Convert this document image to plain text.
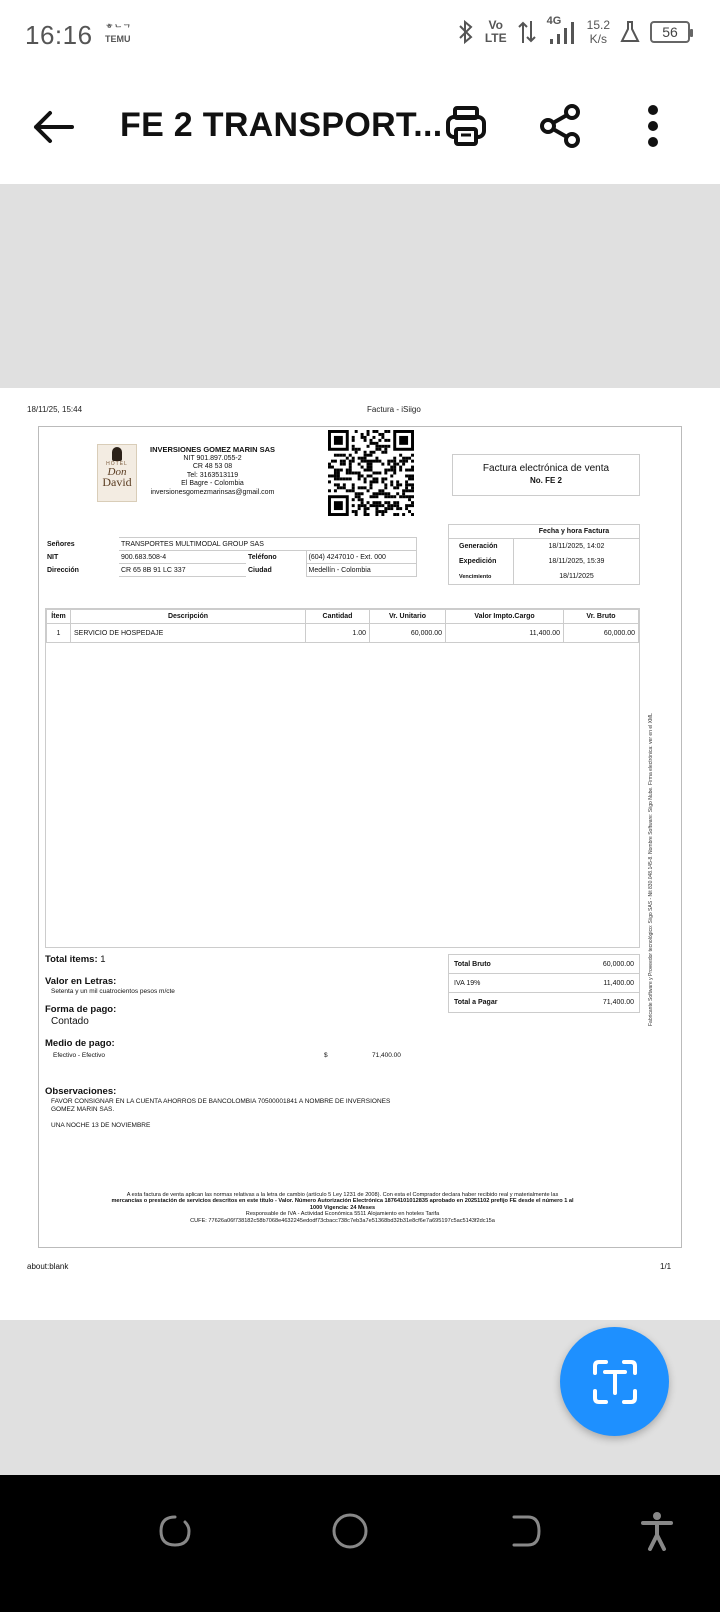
16:16 ᄒᄂᄀ
TEMU
Vo
LTE
4G 15.2
K/s	56
FE 2 TRANSPORT...
18/11/25, 15:44	Factura - iSiigo
HOTEL
Don
David
INVERSIONES GOMEZ MARIN SAS
NIT 901.897.055-2
CR 48 53 08
Tel: 3163513119
El Bagre - Colombia
inversionesgomezmarinsas@gmail.com
Factura electrónica de venta
No. FE 2
Señores	TRANSPORTES MULTIMODAL GROUP SAS		
NIT	900.683.508-4	Teléfono	(604) 4247010 - Ext. 000
Dirección	CR 65 8B 91 LC 337	Ciudad	Medellín - Colombia
Fecha y hora Factura
Generación	18/11/2025, 14:02
Expedición	18/11/2025, 15:39
Vencimiento	18/11/2025
Ítem	Descripción	Cantidad	Vr. Unitario	Valor Impto.Cargo	Vr. Bruto
1	SERVICIO DE HOSPEDAJE	1.00	60,000.00	11,400.00	60,000.00
Fabricante Software y Proveedor tecnológico: Siigo SAS - Nit 830.048.145-8. Nombre Software: Siigo Nube. Firma electrónica: ver en el XML
Total items: 1
Valor en Letras:
Setenta y un mil cuatrocientos pesos m/cte
Forma de pago:
Contado
Medio de pago:
Efectivo - Efectivo	$	71,400.00
Total Bruto	60,000.00
IVA 19%	11,400.00
Total a Pagar	71,400.00
Observaciones:
FAVOR CONSIGNAR EN LA CUENTA AHORROS DE BANCOLOMBIA 70500001841 A NOMBRE DE INVERSIONES
GOMEZ MARIN SAS.
UNA NOCHE 13 DE NOVIEMBRE
A esta factura de venta aplican las normas relativas a la letra de cambio (artículo 5 Ley 1231 de 2008). Con esta el Comprador declara haber recibido real y materialmente las
mercancías o prestación de servicios descritos en este título - Valor. Número Autorización Electrónica 18764101012835 aprobado en 20251102 prefijo FE desde el número 1 al
1000 Vigencia: 24 Meses
Responsable de IVA - Actividad Económica 5511 Alojamiento en hoteles Tarifa
CUFE: 77626a06f738182c58b7068e4632245edodf73cbacc738c7eb3a7e51368bd32b31e8cf6e7a695197c5ac5143f2dc15a
about:blank	1/1
